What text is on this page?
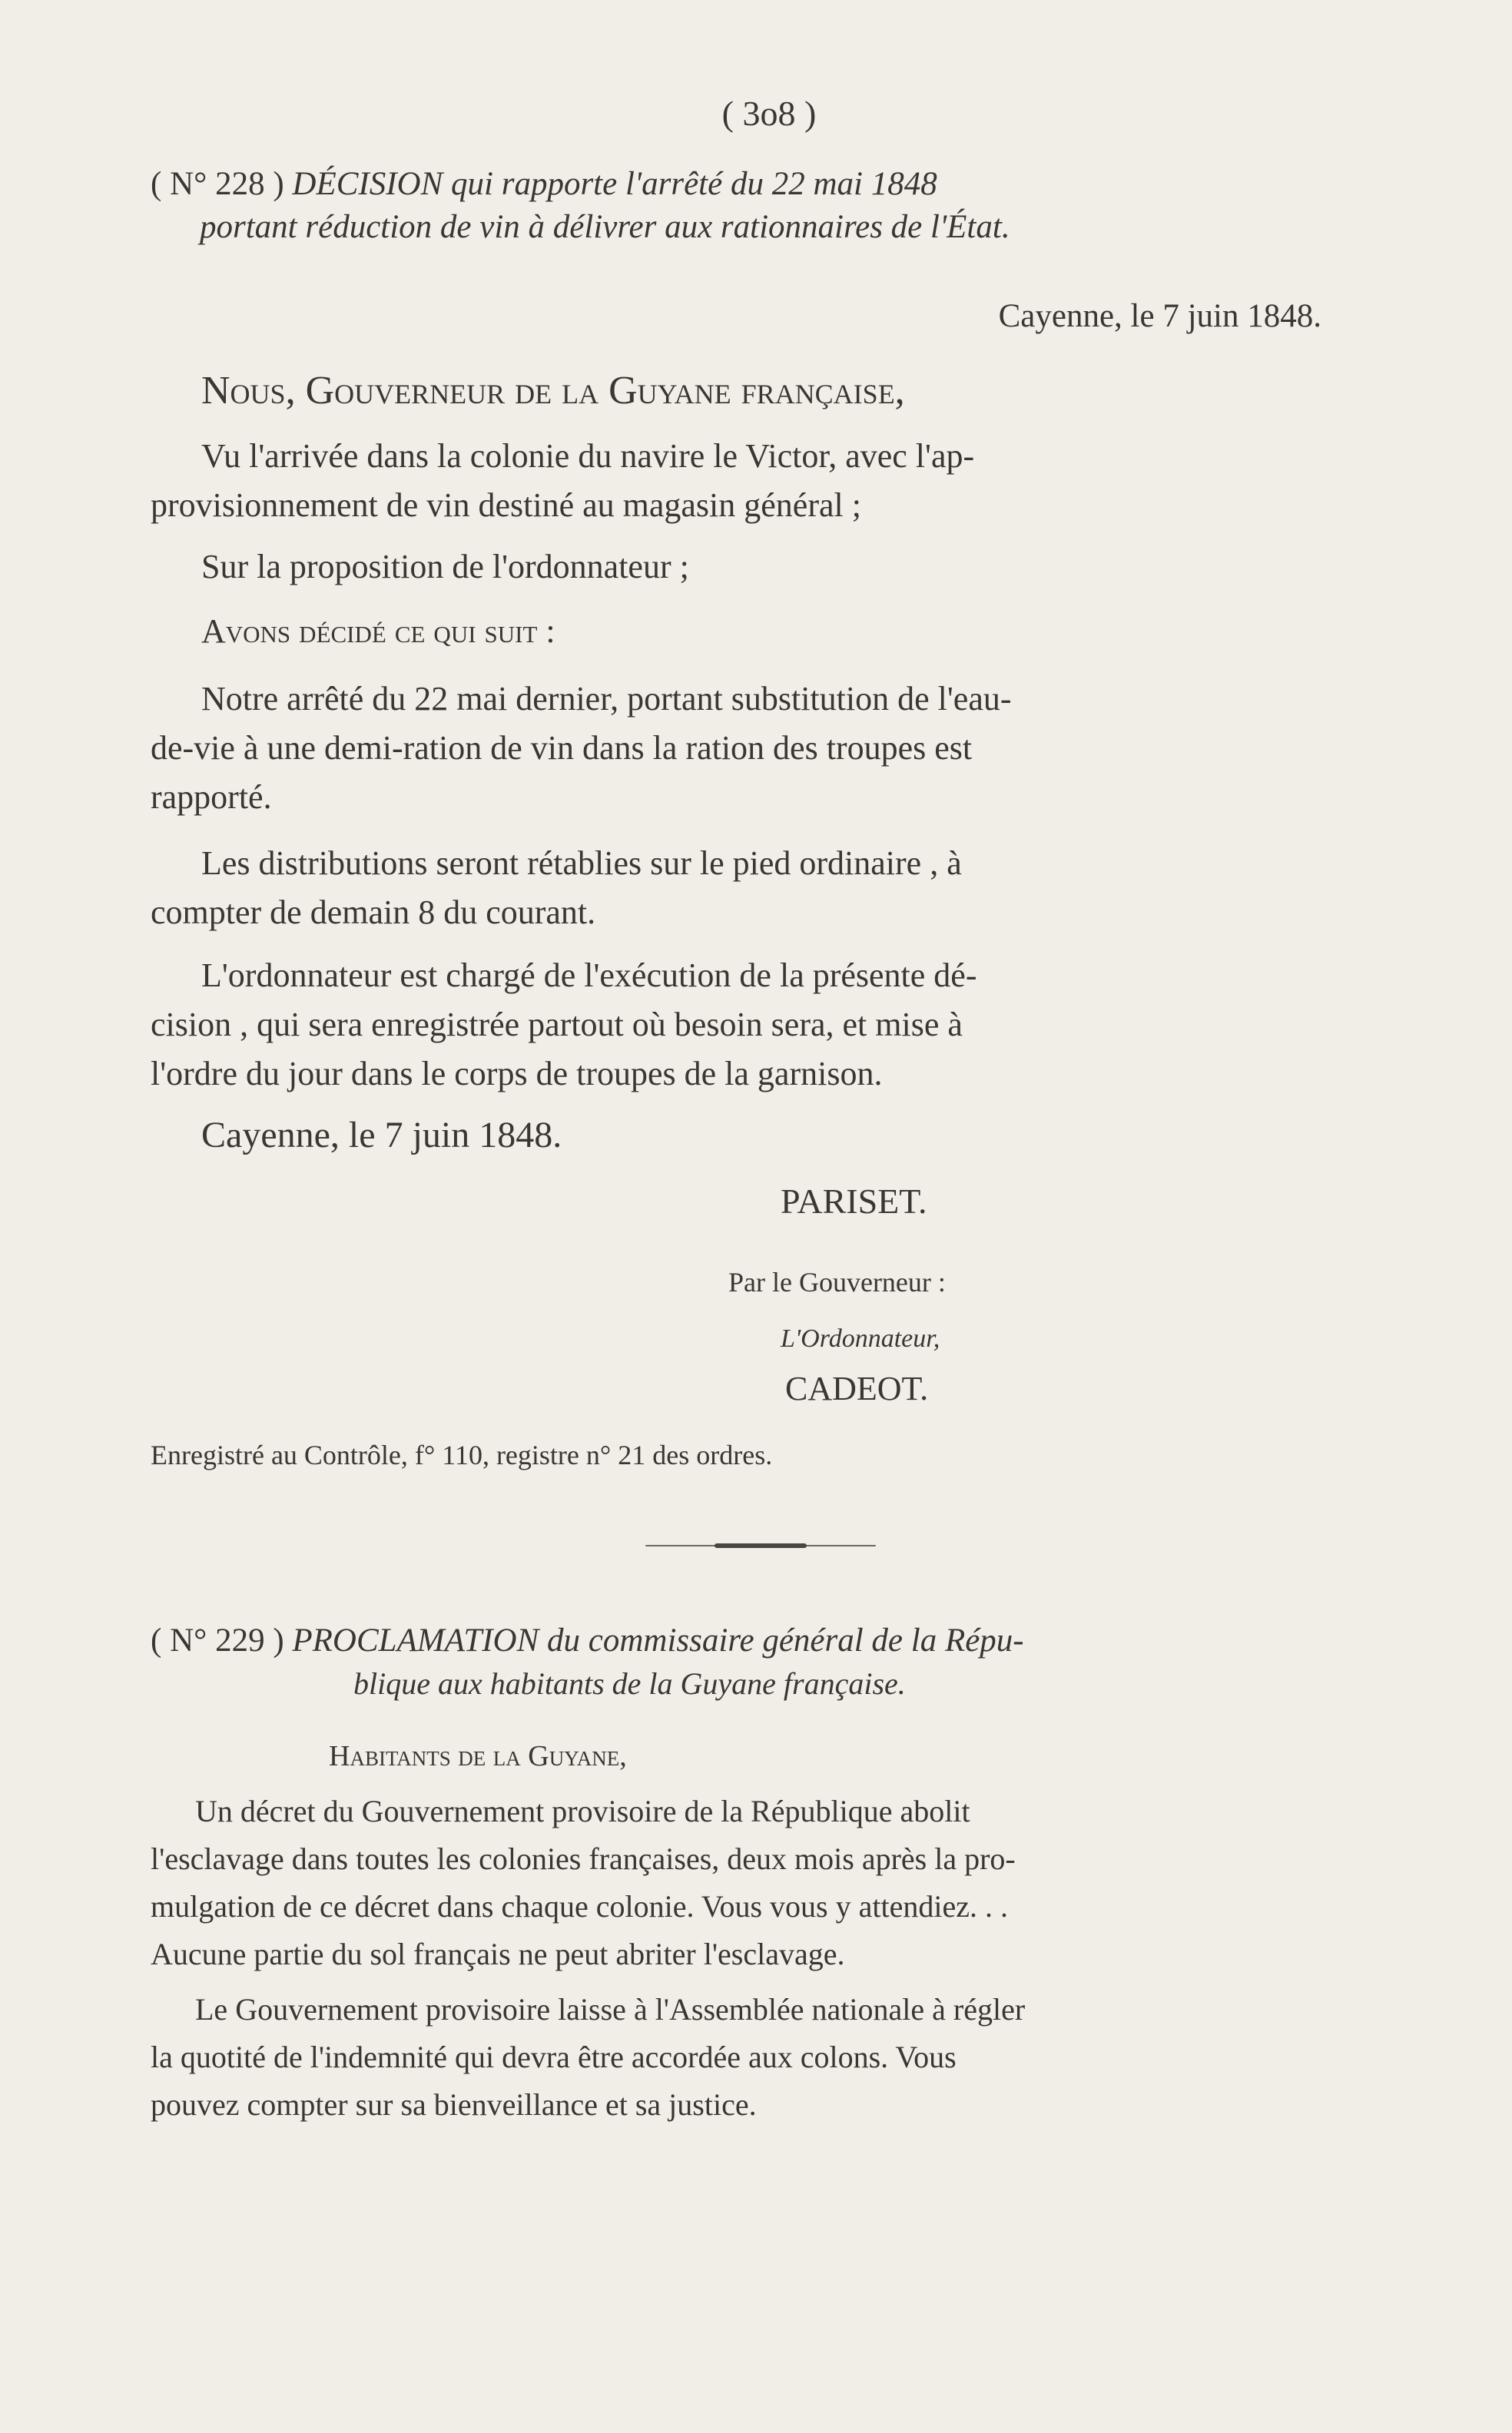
( 3o8 )

( N° 228 ) DÉCISION qui rapporte l'arrêté du 22 mai 1848

portant réduction de vin à délivrer aux rationnaires de l'État.

Cayenne, le 7 juin 1848.

Nous, Gouverneur de la Guyane française,

Vu l'arrivée dans la colonie du navire le Victor, avec l'ap-

provisionnement de vin destiné au magasin général ;

Sur la proposition de l'ordonnateur ;

Avons décidé ce qui suit :

Notre arrêté du 22 mai dernier, portant substitution de l'eau-

de-vie à une demi-ration de vin dans la ration des troupes est

rapporté.

Les distributions seront rétablies sur le pied ordinaire , à

compter de demain 8 du courant.

L'ordonnateur est chargé de l'exécution de la présente dé-

cision , qui sera enregistrée partout où besoin sera, et mise à

l'ordre du jour dans le corps de troupes de la garnison.

Cayenne, le 7 juin 1848.

PARISET.

Par le Gouverneur :

L'Ordonnateur,

CADEOT.

Enregistré au Contrôle, f° 110, registre n° 21 des ordres.

( N° 229 ) PROCLAMATION du commissaire général de la Répu-

blique aux habitants de la Guyane française.

Habitants de la Guyane,

Un décret du Gouvernement provisoire de la République abolit

l'esclavage dans toutes les colonies françaises, deux mois après la pro-

mulgation de ce décret dans chaque colonie. Vous vous y attendiez. . .

Aucune partie du sol français ne peut abriter l'esclavage.

Le Gouvernement provisoire laisse à l'Assemblée nationale à régler

la quotité de l'indemnité qui devra être accordée aux colons. Vous

pouvez compter sur sa bienveillance et sa justice.
